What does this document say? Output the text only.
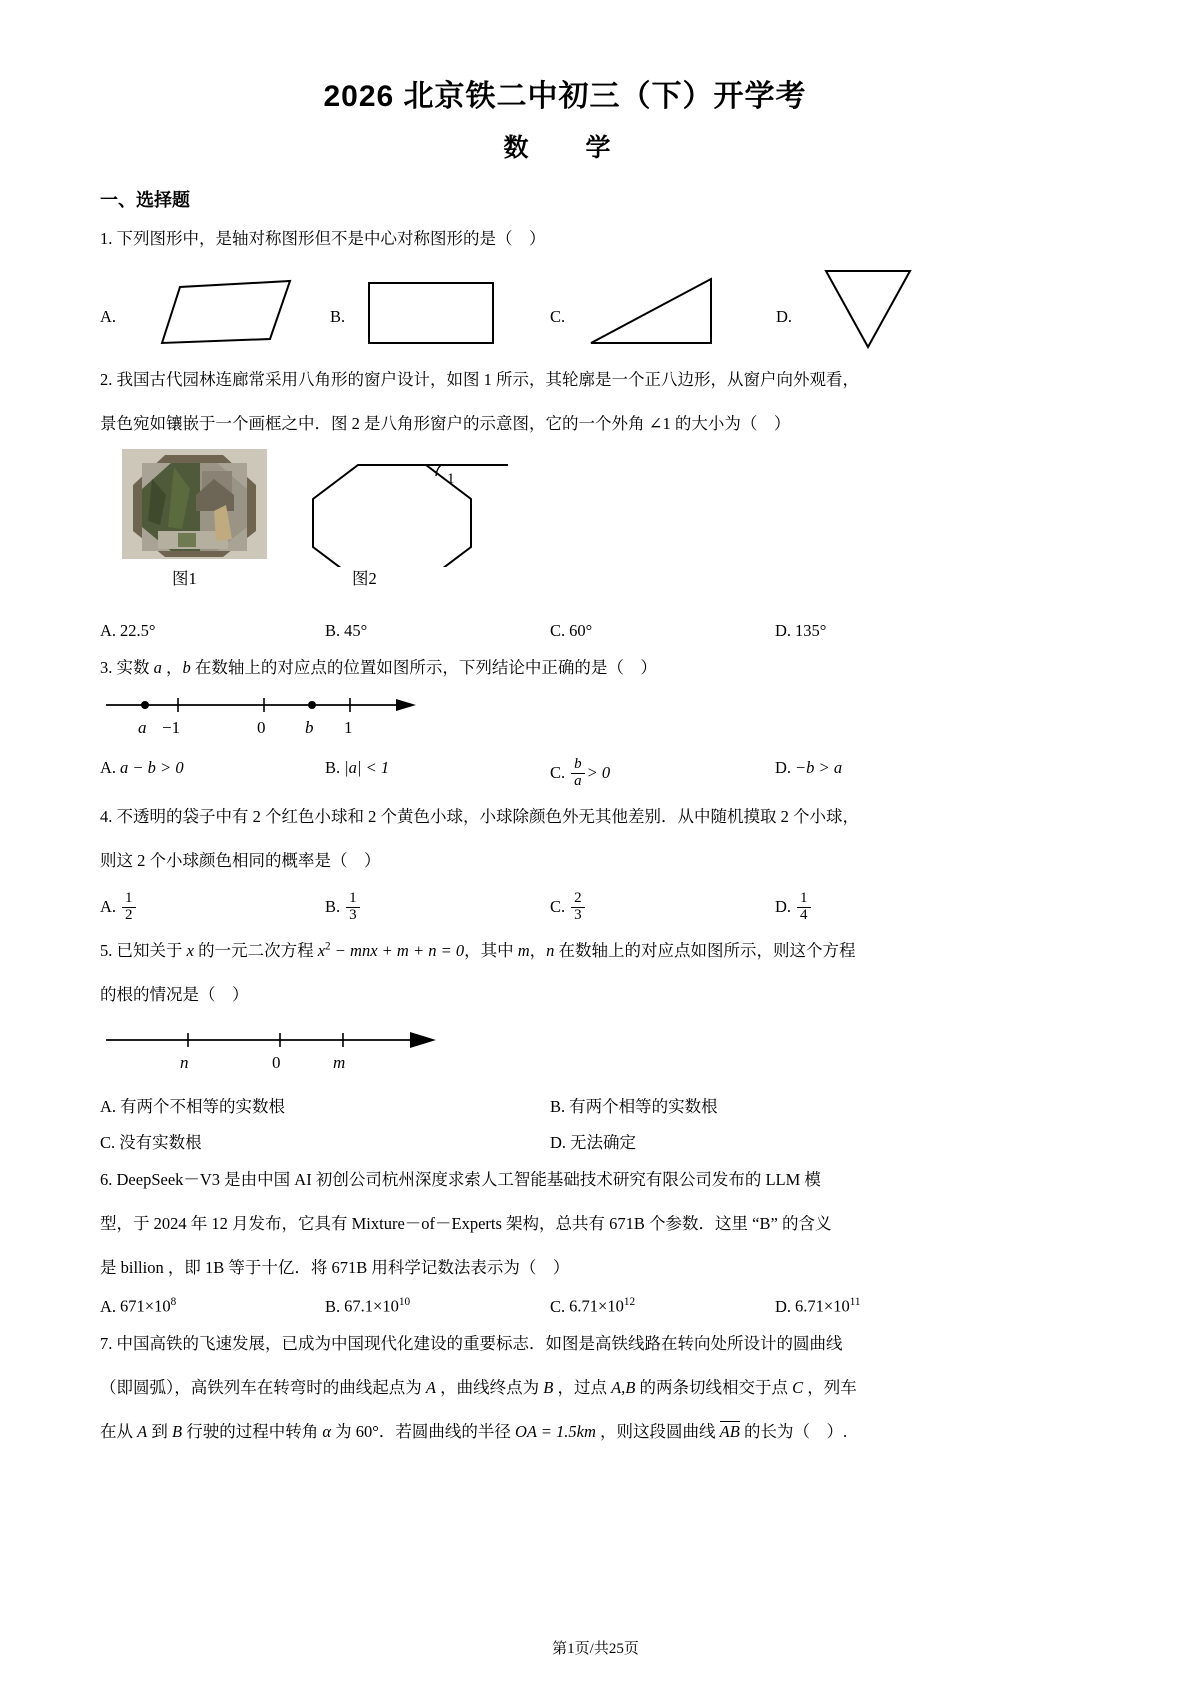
2026 北京铁二中初三（下）开学考
数　学
一、选择题
1. 下列图形中，是轴对称图形但不是中心对称图形的是（　）
A.	B.	C.	D.
2. 我国古代园林连廊常采用八角形的窗户设计，如图 1 所示，其轮廓是一个正八边形，从窗户向外观看，
景色宛如镶嵌于一个画框之中．图 2 是八角形窗户的示意图，它的一个外角 ∠1 的大小为（　）
图1
1
图2
A. 22.5°	B. 45°	C. 60°	D. 135°
3. 实数 a ，b 在数轴上的对应点的位置如图所示，下列结论中正确的是（　）
a −1	0 b 1
A. a − b > 0	B. |a| < 1	C. $\frac{b}{a} > 0$	D. −b > a
4. 不透明的袋子中有 2 个红色小球和 2 个黄色小球，小球除颜色外无其他差别．从中随机摸取 2 个小球，
则这 2 个小球颜色相同的概率是（　）
A. $\frac{1}{2}$	B. $\frac{1}{3}$	C. $\frac{2}{3}$	D. $\frac{1}{4}$
5. 已知关于 x 的一元二次方程 $x^2$ − mnx + m + n = 0，其中 m，n 在数轴上的对应点如图所示，则这个方程
的根的情况是（　）
n	0	m
A. 有两个不相等的实数根	B. 有两个相等的实数根
C. 没有实数根	D. 无法确定
6. DeepSeek－V3 是由中国 AI 初创公司杭州深度求索人工智能基础技术研究有限公司发布的 LLM 模
型，于 2024 年 12 月发布，它具有 Mixture－of－Experts 架构，总共有 671B 个参数．这里 “B” 的含义
是 billion ，即 1B 等于十亿．将 671B 用科学记数法表示为（　）
A. $671\times 10^8$	B. $67.1\times 10^{10}$	C. $6.71\times 10^{12}$	D. $6.71\times 10^{11}$
7. 中国高铁的飞速发展，已成为中国现代化建设的重要标志．如图是高铁线路在转向处所设计的圆曲线
（即圆弧），高铁列车在转弯时的曲线起点为 A ，曲线终点为 B ，过点 A,B 的两条切线相交于点 C ，列车
在从 A 到 B 行驶的过程中转角 α 为 60°．若圆曲线的半径 OA = 1.5km ，则这段圆曲线 AB 的长为（　）.
第1页/共25页
